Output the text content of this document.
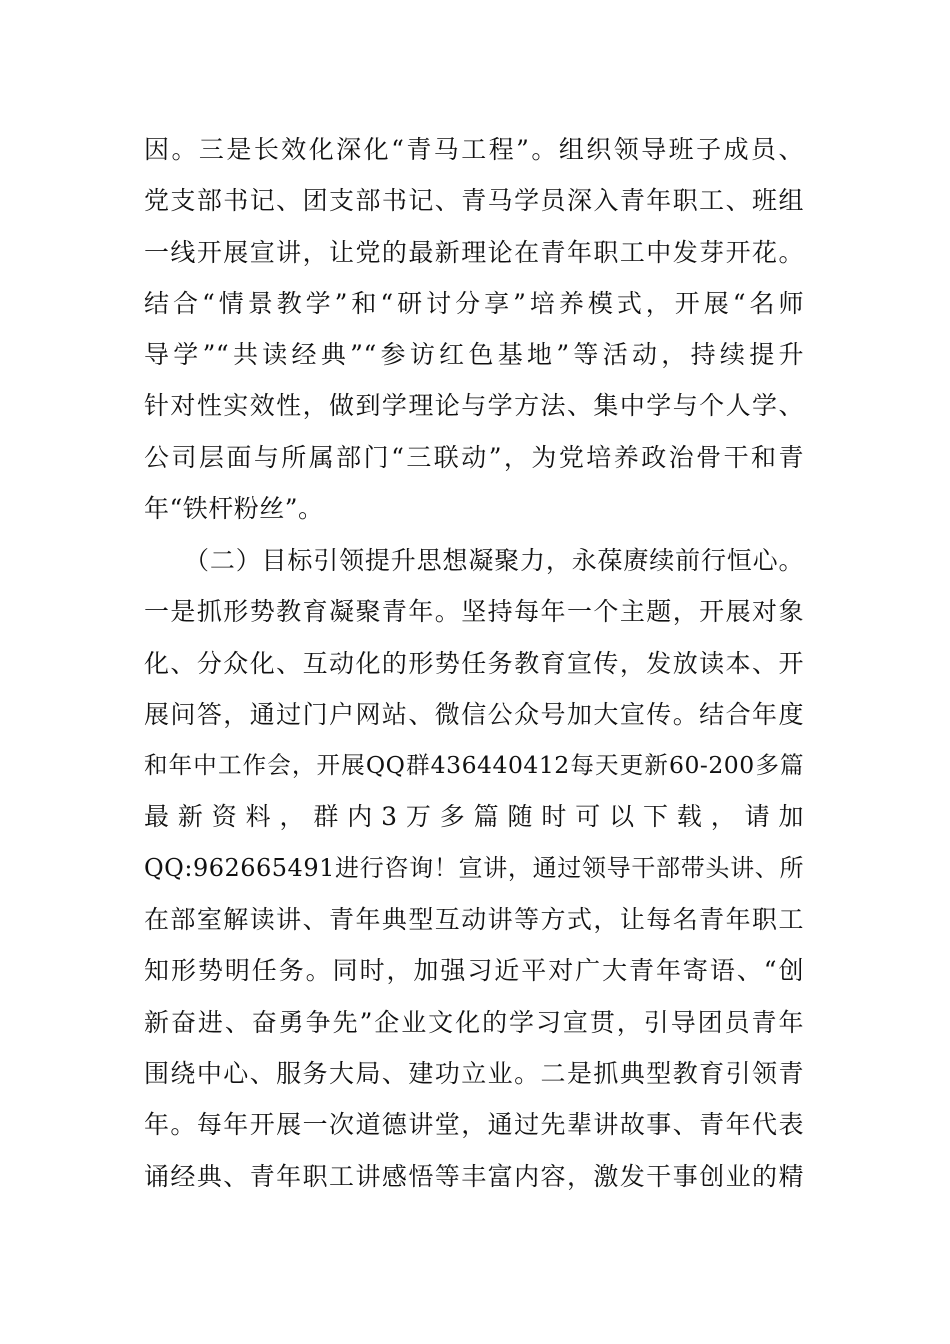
因。三是长效化深化“青马工程”。组织领导班子成员、
党支部书记、团支部书记、青马学员深入青年职工、班组
一线开展宣讲，让党的最新理论在青年职工中发芽开花。
结合“情景教学”和“研讨分享”培养模式，开展“名师
导学”“共读经典”“参访红色基地”等活动，持续提升
针对性实效性，做到学理论与学方法、集中学与个人学、
公司层面与所属部门“三联动”，为党培养政治骨干和青
年“铁杆粉丝”。
（二）目标引领提升思想凝聚力，永葆赓续前行恒心。
一是抓形势教育凝聚青年。坚持每年一个主题，开展对象
化、分众化、互动化的形势任务教育宣传，发放读本、开
展问答，通过门户网站、微信公众号加大宣传。结合年度
和年中工作会，开展QQ群436440412每天更新60-200多篇
最新资料，群内3万多篇随时可以下载，请加
QQ:962665491进行咨询！宣讲，通过领导干部带头讲、所
在部室解读讲、青年典型互动讲等方式，让每名青年职工
知形势明任务。同时，加强习近平对广大青年寄语、“创
新奋进、奋勇争先”企业文化的学习宣贯，引导团员青年
围绕中心、服务大局、建功立业。二是抓典型教育引领青
年。每年开展一次道德讲堂，通过先辈讲故事、青年代表
诵经典、青年职工讲感悟等丰富内容，激发干事创业的精
